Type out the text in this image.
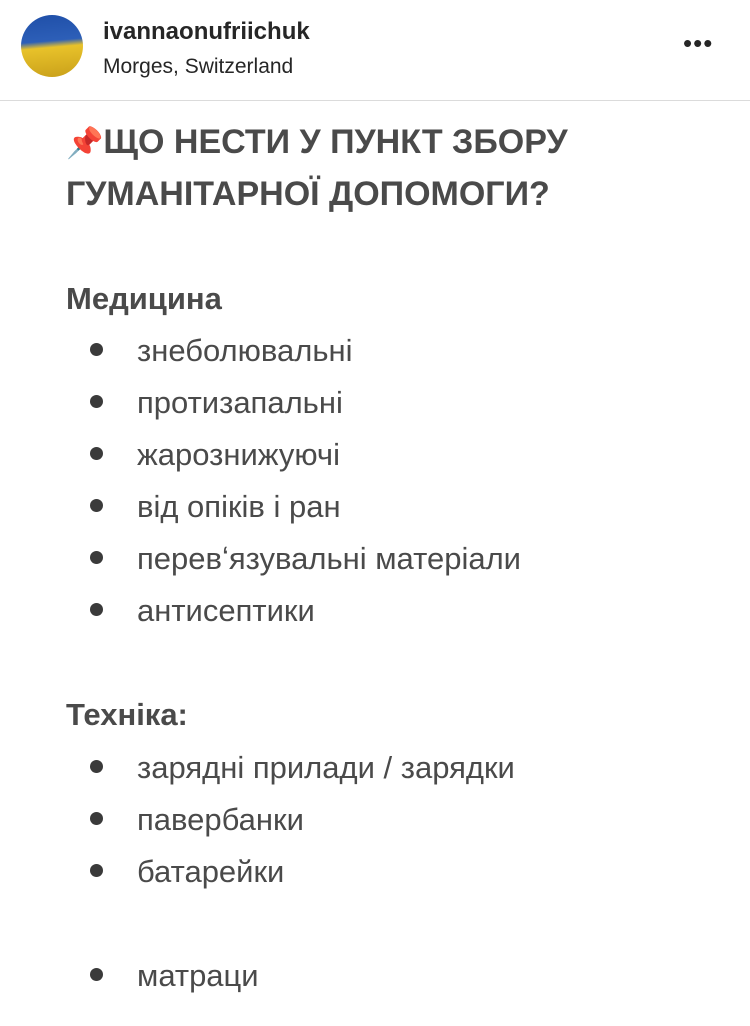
ivannaonufriichuk
Morges, Switzerland
•••
📌ЩО НЕСТИ У ПУНКТ ЗБОРУ
ГУМАНІТАРНОЇ ДОПОМОГИ?
Медицина
знеболювальні
протизапальні
жарознижуючі
від опіків і ран
перевʻязувальні матеріали
антисептики
Техніка:
зарядні прилади / зарядки
павербанки
батарейки
матраци
